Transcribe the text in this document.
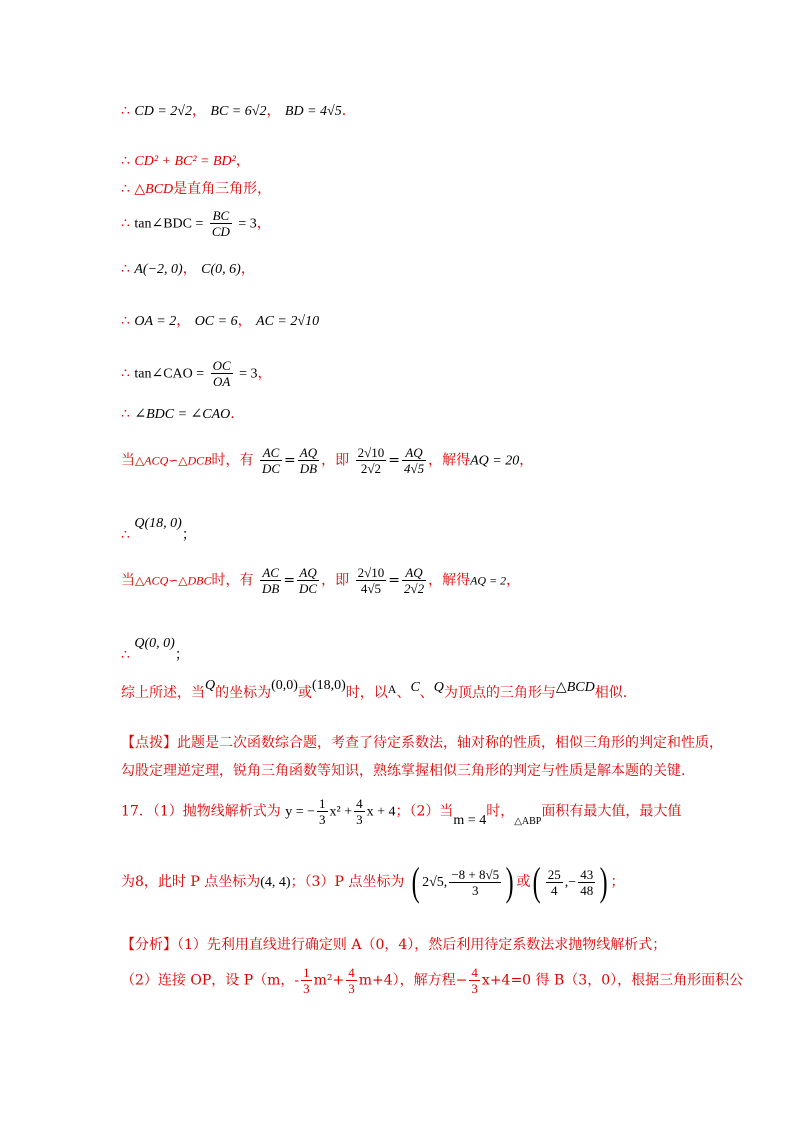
∴ CD = 2√2， BC = 6√2， BD = 4√5.
∴ CD² + BC² = BD²，
∴ △BCD是直角三角形，
∴ tan∠BDC = $\frac{BC}{CD} = 3$，
∴ A(−2, 0)， C(0, 6)，
∴ OA = 2， OC = 6， AC = 2√10
∴ tan∠CAO = $\frac{OC}{OA} = 3$，
∴ ∠BDC = ∠CAO.
当△ACQ∽△DCB时，有 $\frac{AC}{DC} = \frac{AQ}{DB}$ ，即 $\frac{2√10}{2√2} = \frac{AQ}{4√5}$ ，解得AQ = 20，
∴ Q(18, 0)；
当△ACQ∽△DBC时，有 $\frac{AC}{DB} = \frac{AQ}{DC}$ ，即 $\frac{2√10}{4√5} = \frac{AQ}{2√2}$ ，解得AQ = 2，
∴ Q(0, 0)；
综上所述，当Q的坐标为(0,0)或(18,0)时，以A、C、Q为顶点的三角形与△BCD相似.
【点拨】此题是二次函数综合题，考查了待定系数法，轴对称的性质，相似三角形的判定和性质，
勾股定理逆定理，锐角三角函数等知识，熟练掌握相似三角形的判定与性质是解本题的关键.
17．（1）抛物线解析式为 y = − $\frac{1}{3} x^2 + \frac{4}{3}$ x + 4；（2）当m = 4时，$_{\triangle ABP}$面积有最大值，最大值
为8，此时 P 点坐标为(4, 4)；（3）P 点坐标为 ( 2√5, $\frac{-8 + 8√5}{3}$ ) 或( $\frac{25}{4}$ ,− $\frac{43}{48}$ ) ；
【分析】（1）先利用直线进行确定则 A（0，4），然后利用待定系数法求抛物线解析式；
（2）连接 OP，设 P（m，- $\frac{1}{3} m^2+ \frac{4}{3} m+4$），解方程− $\frac{4}{3} x+4=0$ 得 B（3，0），根据三角形面积公
